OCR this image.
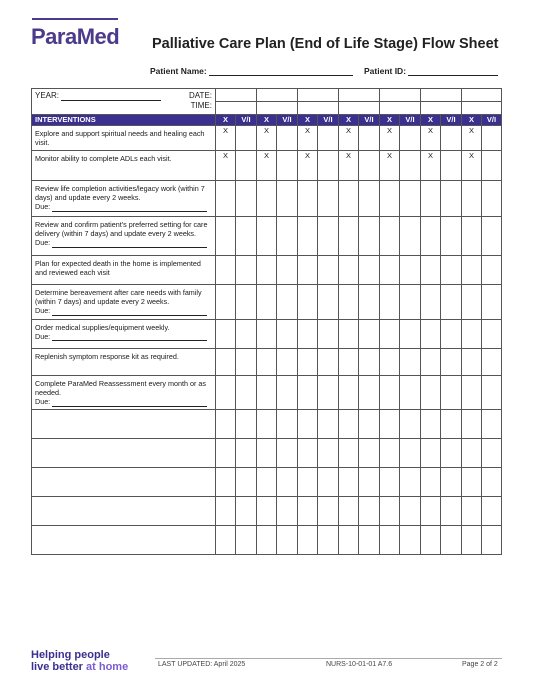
ParaMed Palliative Care Plan (End of Life Stage) Flow Sheet
Patient Name:	Patient ID:
YEAR: DATE:
TIME:														

INTERVENTIONS	X	V/I	X	V/I	X	V/I	X	V/I	X	V/I	X	V/I	X	V/I
Explore and support spiritual needs and healing each visit.	X		X		X		X		X		X		X	
Monitor ability to complete ADLs each visit.	X		X		X		X		X		X		X	
Review life completion activities/legacy work (within 7 days) and update every 2 weeks.
Due:														
Review and confirm patient’s preferred setting for care delivery (within 7 days) and update every 2 weeks.
Due:														
Plan for expected death in the home is implemented and reviewed each visit														
Determine bereavement after care needs with family (within 7 days) and update every 2 weeks.
Due:														
Order medical supplies/equipment weekly.
Due:														
Replenish symptom response kit as required.														
Complete ParaMed Reassessment every month or as needed.
Due:														

Helping people
live better at home	LAST UPDATED: April 2025	NURS-10-01-01 A7.6	Page 2 of 2
